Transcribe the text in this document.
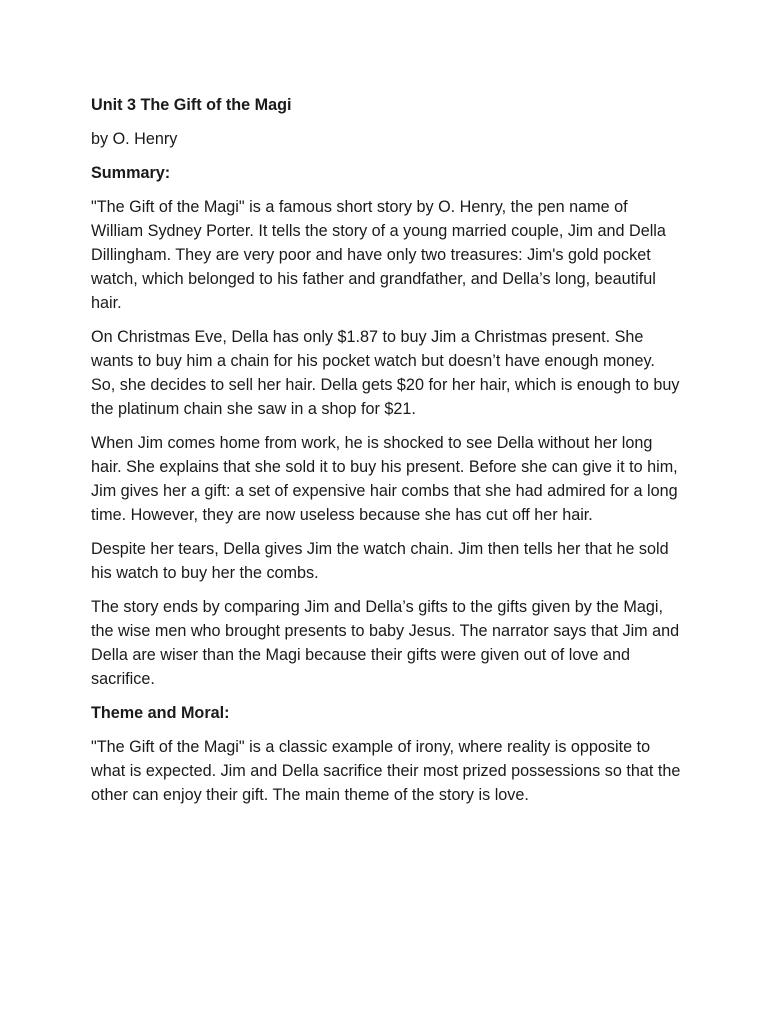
Unit 3 The Gift of the Magi

by O. Henry

Summary:

"The Gift of the Magi" is a famous short story by O. Henry, the pen name of William Sydney Porter. It tells the story of a young married couple, Jim and Della Dillingham. They are very poor and have only two treasures: Jim's gold pocket watch, which belonged to his father and grandfather, and Della’s long, beautiful hair.

On Christmas Eve, Della has only $1.87 to buy Jim a Christmas present. She wants to buy him a chain for his pocket watch but doesn’t have enough money. So, she decides to sell her hair. Della gets $20 for her hair, which is enough to buy the platinum chain she saw in a shop for $21.

When Jim comes home from work, he is shocked to see Della without her long hair. She explains that she sold it to buy his present. Before she can give it to him, Jim gives her a gift: a set of expensive hair combs that she had admired for a long time. However, they are now useless because she has cut off her hair.

Despite her tears, Della gives Jim the watch chain. Jim then tells her that he sold his watch to buy her the combs.

The story ends by comparing Jim and Della’s gifts to the gifts given by the Magi, the wise men who brought presents to baby Jesus. The narrator says that Jim and Della are wiser than the Magi because their gifts were given out of love and sacrifice.

Theme and Moral:

"The Gift of the Magi" is a classic example of irony, where reality is opposite to what is expected. Jim and Della sacrifice their most prized possessions so that the other can enjoy their gift. The main theme of the story is love.
